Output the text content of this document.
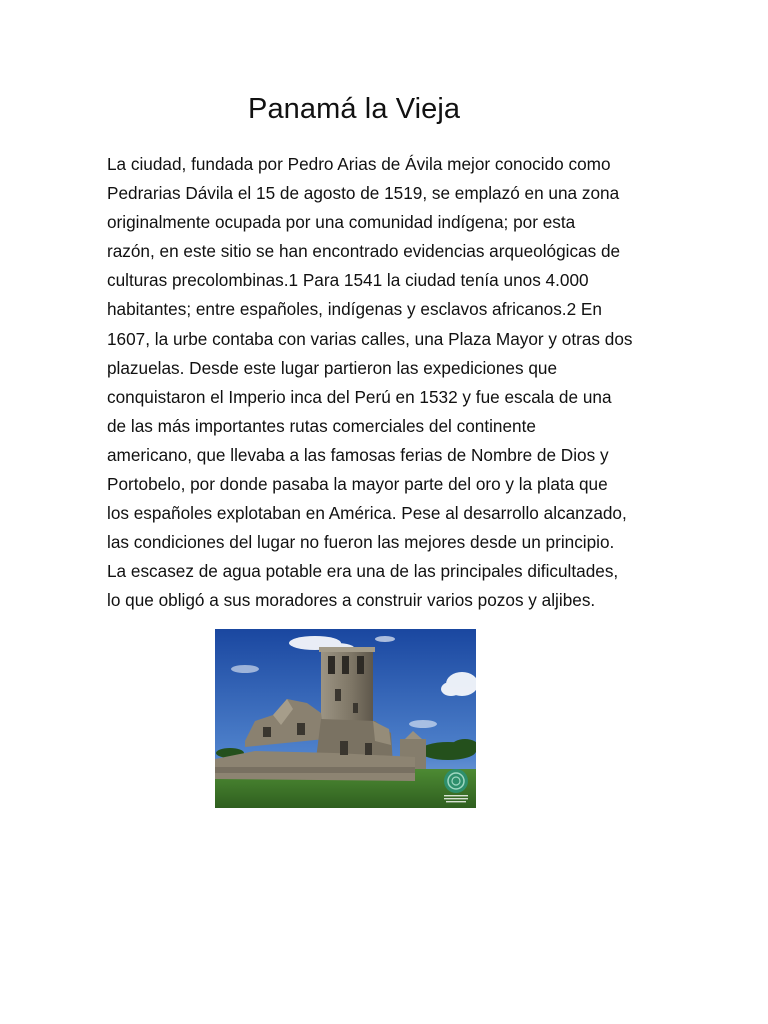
Panamá la Vieja

La ciudad, fundada por Pedro Arias de Ávila mejor conocido como
Pedrarias Dávila el 15 de agosto de 1519, se emplazó en una zona
originalmente ocupada por una comunidad indígena; por esta
razón, en este sitio se han encontrado evidencias arqueológicas de
culturas precolombinas.1 Para 1541 la ciudad tenía unos 4.000
habitantes; entre españoles, indígenas y esclavos africanos.2 En
1607, la urbe contaba con varias calles, una Plaza Mayor y otras dos
plazuelas. Desde este lugar partieron las expediciones que
conquistaron el Imperio inca del Perú en 1532 y fue escala de una
de las más importantes rutas comerciales del continente
americano, que llevaba a las famosas ferias de Nombre de Dios y
Portobelo, por donde pasaba la mayor parte del oro y la plata que
los españoles explotaban en América. Pese al desarrollo alcanzado,
las condiciones del lugar no fueron las mejores desde un principio.
La escasez de agua potable era una de las principales dificultades,
lo que obligó a sus moradores a construir varios pozos y aljibes.
